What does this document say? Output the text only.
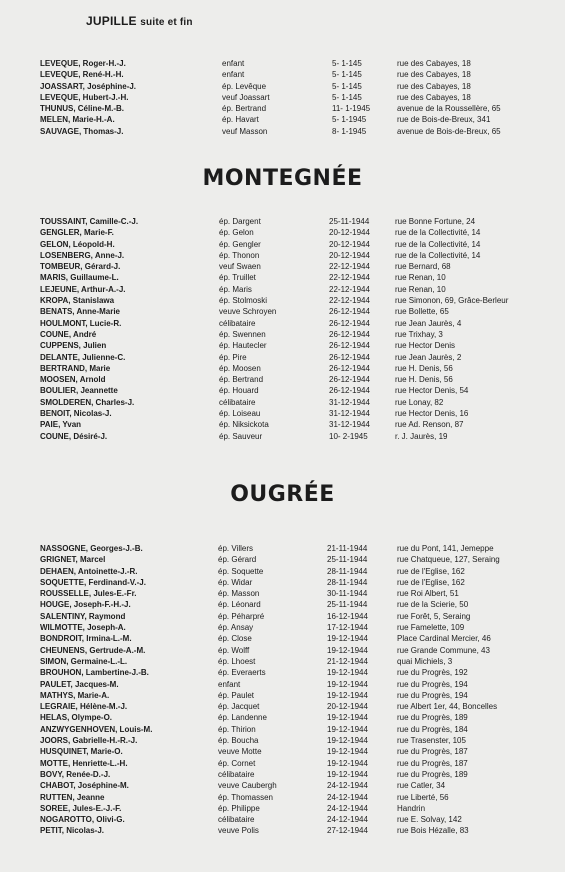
JUPILLE suite et fin
LEVEQUE, Roger-H.-J.	enfant	5- 1-145	rue des Cabayes, 18
LEVEQUE, René-H.-H.	enfant	5- 1-145	rue des Cabayes, 18
JOASSART, Joséphine-J.	ép. Levêque	5- 1-145	rue des Cabayes, 18
LEVEQUE, Hubert-J.-H.	veuf Joassart	5- 1-145	rue des Cabayes, 18
THUNUS, Céline-M.-B.	ép. Bertrand	11- 1-1945	avenue de la Roussellère, 65
MELEN, Marie-H.-A.	ép. Havart	5- 1-1945	rue de Bois-de-Breux, 341
SAUVAGE, Thomas-J.	veuf Masson	8- 1-1945	avenue de Bois-de-Breux, 65
MONTEGNÉE
TOUSSAINT, Camille-C.-J.	ép. Dargent	25-11-1944	rue Bonne Fortune, 24
GENGLER, Marie-F.	ép. Gelon	20-12-1944	rue de la Collectivité, 14
GELON, Léopold-H.	ép. Gengler	20-12-1944	rue de la Collectivité, 14
LOSENBERG, Anne-J.	ép. Thonon	20-12-1944	rue de la Collectivité, 14
TOMBEUR, Gérard-J.	veuf Swaen	22-12-1944	rue Bernard, 68
MARIS, Guillaume-L.	ép. Truillet	22-12-1944	rue Renan, 10
LEJEUNE, Arthur-A.-J.	ép. Maris	22-12-1944	rue Renan, 10
KROPA, Stanislawa	ép. Stolmoski	22-12-1944	rue Simonon, 69, Grâce-Berleur
BENATS, Anne-Marie	veuve Schroyen	26-12-1944	rue Bollette, 65
HOULMONT, Lucie-R.	célibataire	26-12-1944	rue Jean Jaurès, 4
COUNE, André	ép. Swennen	26-12-1944	rue Trixhay, 3
CUPPENS, Julien	ép. Hautecler	26-12-1944	rue Hector Denis
DELANTE, Julienne-C.	ép. Pire	26-12-1944	rue Jean Jaurès, 2
BERTRAND, Marie	ép. Moosen	26-12-1944	rue H. Denis, 56
MOOSEN, Arnold	ép. Bertrand	26-12-1944	rue H. Denis, 56
BOULIER, Jeannette	ép. Houard	26-12-1944	rue Hector Denis, 54
SMOLDEREN, Charles-J.	célibataire	31-12-1944	rue Lonay, 82
BENOIT, Nicolas-J.	ép. Loiseau	31-12-1944	rue Hector Denis, 16
PAIE, Yvan	ép. Niksickota	31-12-1944	rue Ad. Renson, 87
COUNE, Désiré-J.	ép. Sauveur	10- 2-1945	r. J. Jaurès, 19
OUGRÉE
NASSOGNE, Georges-J.-B.	ép. Villers	21-11-1944	rue du Pont, 141, Jemeppe
GRIGNET, Marcel	ép. Gérard	25-11-1944	rue Chatqueue, 127, Seraing
DEHAEN, Antoinette-J.-R.	ép. Soquette	28-11-1944	rue de l'Eglise, 162
SOQUETTE, Ferdinand-V.-J.	ép. Widar	28-11-1944	rue de l'Eglise, 162
ROUSSELLE, Jules-E.-Fr.	ép. Masson	30-11-1944	rue Roi Albert, 51
HOUGE, Joseph-F.-H.-J.	ép. Léonard	25-11-1944	rue de la Scierie, 50
SALENTINY, Raymond	ép. Péharpré	16-12-1944	rue Forêt, 5, Seraing
WILMOTTE, Joseph-A.	ép. Ansay	17-12-1944	rue Famelette, 109
BONDROIT, Irmina-L.-M.	ép. Close	19-12-1944	Place Cardinal Mercier, 46
CHEUNENS, Gertrude-A.-M.	ép. Wolff	19-12-1944	rue Grande Commune, 43
SIMON, Germaine-L.-L.	ép. Lhoest	21-12-1944	quai Michiels, 3
BROUHON, Lambertine-J.-B.	ép. Everaerts	19-12-1944	rue du Progrès, 192
PAULET, Jacques-M.	enfant	19-12-1944	rue du Progrès, 194
MATHYS, Marie-A.	ép. Paulet	19-12-1944	rue du Progrès, 194
LEGRAIE, Hélène-M.-J.	ép. Jacquet	20-12-1944	rue Albert 1er, 44, Boncelles
HELAS, Olympe-O.	ép. Landenne	19-12-1944	rue du Progrès, 189
ANZWYGENHOVEN, Louis-M.	ép. Thirion	19-12-1944	rue du Progrès, 184
JOORS, Gabrielle-H.-R.-J.	ép. Boucha	19-12-1944	rue Trasenster, 105
HUSQUINET, Marie-O.	veuve Motte	19-12-1944	rue du Progrès, 187
MOTTE, Henriette-L.-H.	ép. Cornet	19-12-1944	rue du Progrès, 187
BOVY, Renée-D.-J.	célibataire	19-12-1944	rue du Progrès, 189
CHABOT, Joséphine-M.	veuve Caubergh	24-12-1944	rue Catler, 34
RUTTEN, Jeanne	ép. Thomassen	24-12-1944	rue Liberté, 56
SOREE, Jules-E.-J.-F.	ép. Philippe	24-12-1944	Handrin
NOGAROTTO, Olivi-G.	célibataire	24-12-1944	rue E. Solvay, 142
PETIT, Nicolas-J.	veuve Polis	27-12-1944	rue Bois Hézalle, 83
